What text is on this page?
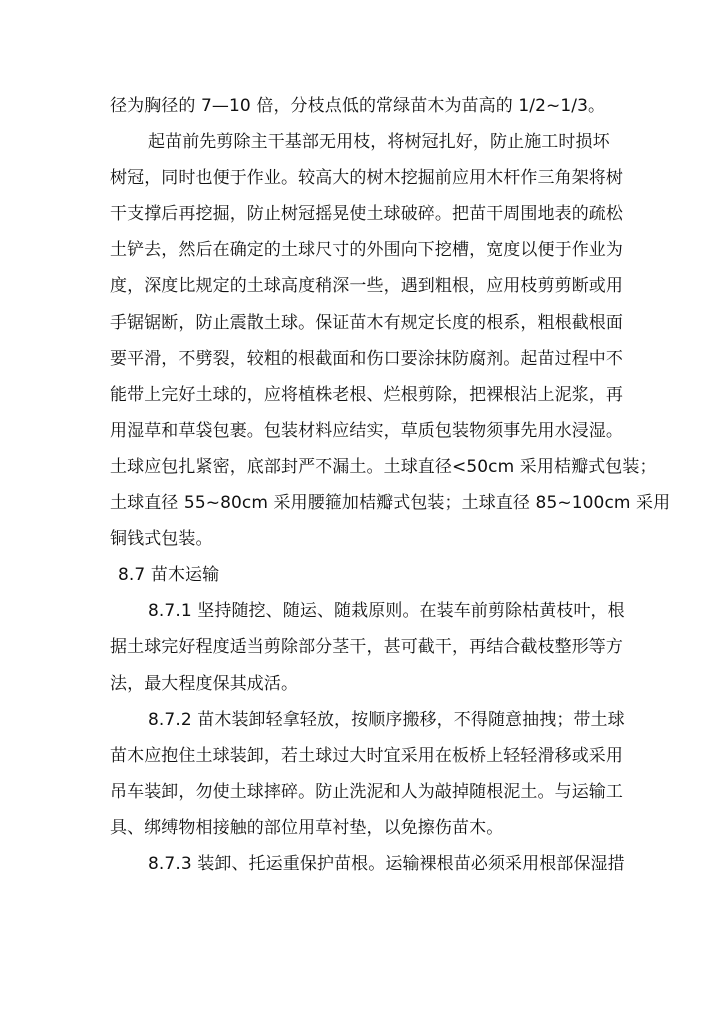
径为胸径的 7—10 倍，分枝点低的常绿苗木为苗高的 1/2~1/3。
起苗前先剪除主干基部无用枝，将树冠扎好，防止施工时损坏
树冠，同时也便于作业。较高大的树木挖掘前应用木杆作三角架将树
干支撑后再挖掘，防止树冠摇晃使土球破碎。把苗干周围地表的疏松
土铲去，然后在确定的土球尺寸的外围向下挖槽，宽度以便于作业为
度，深度比规定的土球高度稍深一些，遇到粗根，应用枝剪剪断或用
手锯锯断，防止震散土球。保证苗木有规定长度的根系，粗根截根面
要平滑，不劈裂，较粗的根截面和伤口要涂抹防腐剂。起苗过程中不
能带上完好土球的，应将植株老根、烂根剪除，把裸根沾上泥浆，再
用湿草和草袋包裹。包装材料应结实，草质包装物须事先用水浸湿。
土球应包扎紧密，底部封严不漏土。土球直径<50cm 采用桔瓣式包装；
土球直径 55~80cm 采用腰箍加桔瓣式包装；土球直径 85~100cm 采用
铜钱式包装。
8.7 苗木运输
8.7.1 坚持随挖、随运、随栽原则。在装车前剪除枯黄枝叶，根
据土球完好程度适当剪除部分茎干，甚可截干，再结合截枝整形等方
法，最大程度保其成活。
8.7.2 苗木装卸轻拿轻放，按顺序搬移，不得随意抽拽；带土球
苗木应抱住土球装卸，若土球过大时宜采用在板桥上轻轻滑移或采用
吊车装卸，勿使土球摔碎。防止洗泥和人为敲掉随根泥土。与运输工
具、绑缚物相接触的部位用草衬垫，以免擦伤苗木。
8.7.3 装卸、托运重保护苗根。运输裸根苗必须采用根部保湿措
